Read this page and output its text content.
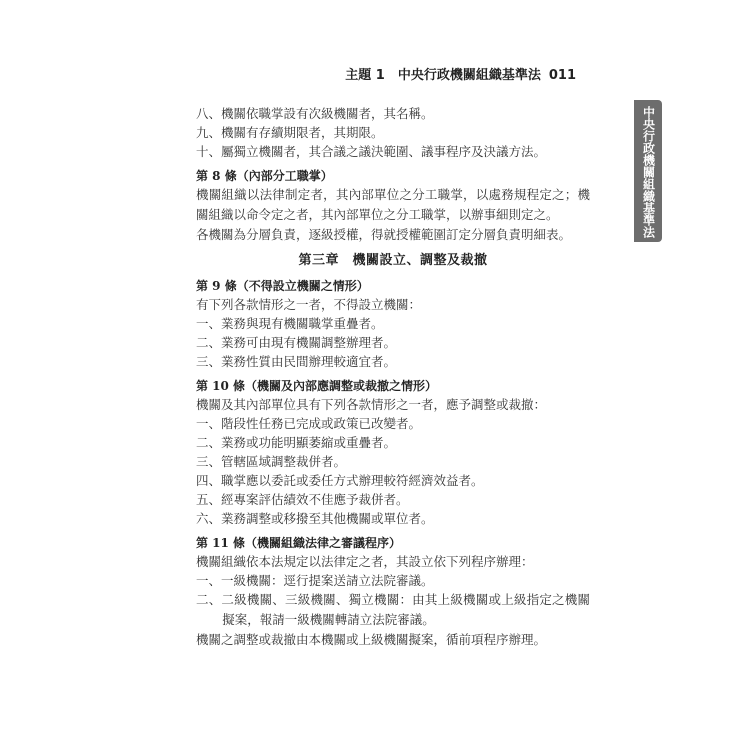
主題 1　中央行政機關組織基準法 011
中央行政機關組織基準法
八、機關依職掌設有次級機關者，其名稱。
九、機關有存續期限者，其期限。
十、屬獨立機關者，其合議之議決範圍、議事程序及決議方法。
第 8 條（內部分工職掌）
機關組織以法律制定者，其內部單位之分工職掌，以處務規程定之；機關組織以命令定之者，其內部單位之分工職掌，以辦事細則定之。
各機關為分層負責，逐級授權，得就授權範圍訂定分層負責明細表。
第三章　機關設立、調整及裁撤
第 9 條（不得設立機關之情形）
有下列各款情形之一者，不得設立機關：
一、業務與現有機關職掌重疊者。
二、業務可由現有機關調整辦理者。
三、業務性質由民間辦理較適宜者。
第 10 條（機關及內部應調整或裁撤之情形）
機關及其內部單位具有下列各款情形之一者，應予調整或裁撤：
一、階段性任務已完成或政策已改變者。
二、業務或功能明顯萎縮或重疊者。
三、管轄區域調整裁併者。
四、職掌應以委託或委任方式辦理較符經濟效益者。
五、經專案評估績效不佳應予裁併者。
六、業務調整或移撥至其他機關或單位者。
第 11 條（機關組織法律之審議程序）
機關組織依本法規定以法律定之者，其設立依下列程序辦理：
一、一級機關：逕行提案送請立法院審議。
二、二級機關、三級機關、獨立機關：由其上級機關或上級指定之機關擬案，報請一級機關轉請立法院審議。
機關之調整或裁撤由本機關或上級機關擬案，循前項程序辦理。
